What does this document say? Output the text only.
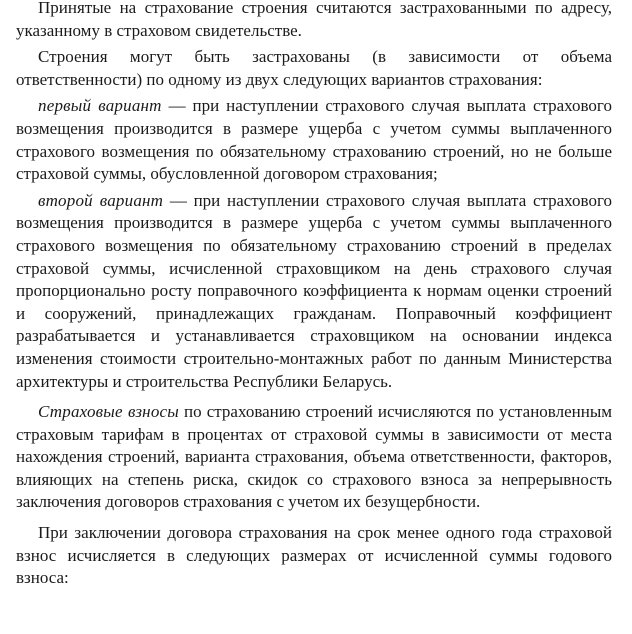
Принятые на страхование строения считаются застрахованными по адресу, указанному в страховом свидетельстве.

Строения могут быть застрахованы (в зависимости от объема ответственности) по одному из двух следующих вариантов страхования:

первый вариант — при наступлении страхового случая выплата страхового возмещения производится в размере ущерба с учетом суммы выплаченного страхового возмещения по обязательному страхованию строений, но не больше страховой суммы, обусловленной договором страхования;

второй вариант — при наступлении страхового случая выплата страхового возмещения производится в размере ущерба с учетом суммы выплаченного страхового возмещения по обязательному страхованию строений в пределах страховой суммы, исчисленной страховщиком на день страхового случая пропорционально росту поправочного коэффициента к нормам оценки строений и сооружений, принадлежащих гражданам. Поправочный коэффициент разрабатывается и устанавливается страховщиком на основании индекса изменения стоимости строительно-монтажных работ по данным Министерства архитектуры и строительства Республики Беларусь.

Страховые взносы по страхованию строений исчисляются по установленным страховым тарифам в процентах от страховой суммы в зависимости от места нахождения строений, варианта страхования, объема ответственности, факторов, влияющих на степень риска, скидок со страхового взноса за непрерывность заключения договоров страхования с учетом их безущербности.

При заключении договора страхования на срок менее одного года страховой взнос исчисляется в следующих размерах от исчисленной суммы годового взноса:
